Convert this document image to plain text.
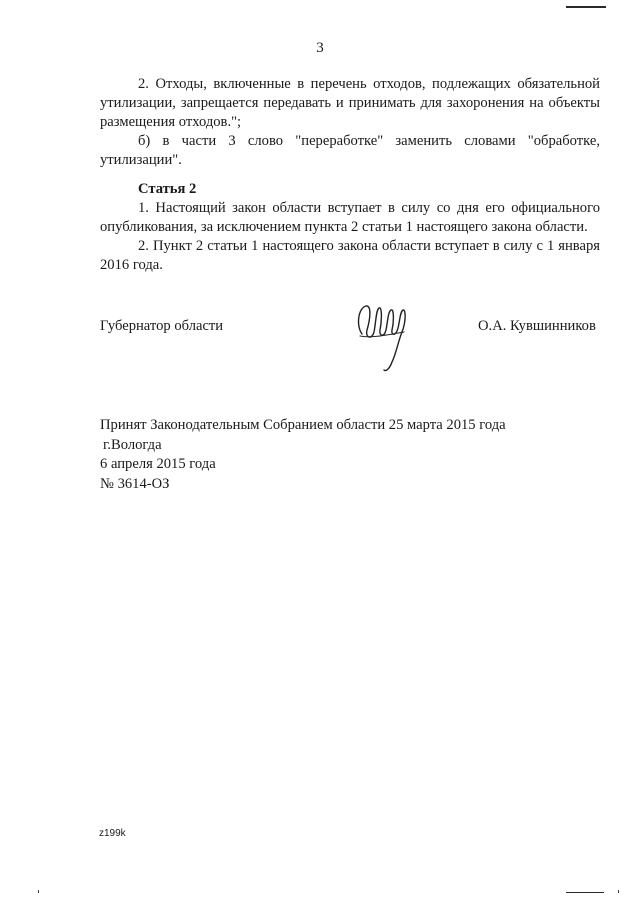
3

2. Отходы, включенные в перечень отходов, подлежащих обязательной утилизации, запрещается передавать и принимать для захоронения на объекты размещения отходов.";

б) в части 3 слово "переработке" заменить словами "обработке, утилизации".

Статья 2

1. Настоящий закон области вступает в силу со дня его официального опубликования, за исключением пункта 2 статьи 1 настоящего закона области.

2. Пункт 2 статьи 1 настоящего закона области вступает в силу с 1 января 2016 года.

Губернатор области	О.А. Кувшинников
Принят Законодательным Собранием области 25 марта 2015 года
г.Вологда
6 апреля 2015 года
№ 3614-ОЗ
z199k
